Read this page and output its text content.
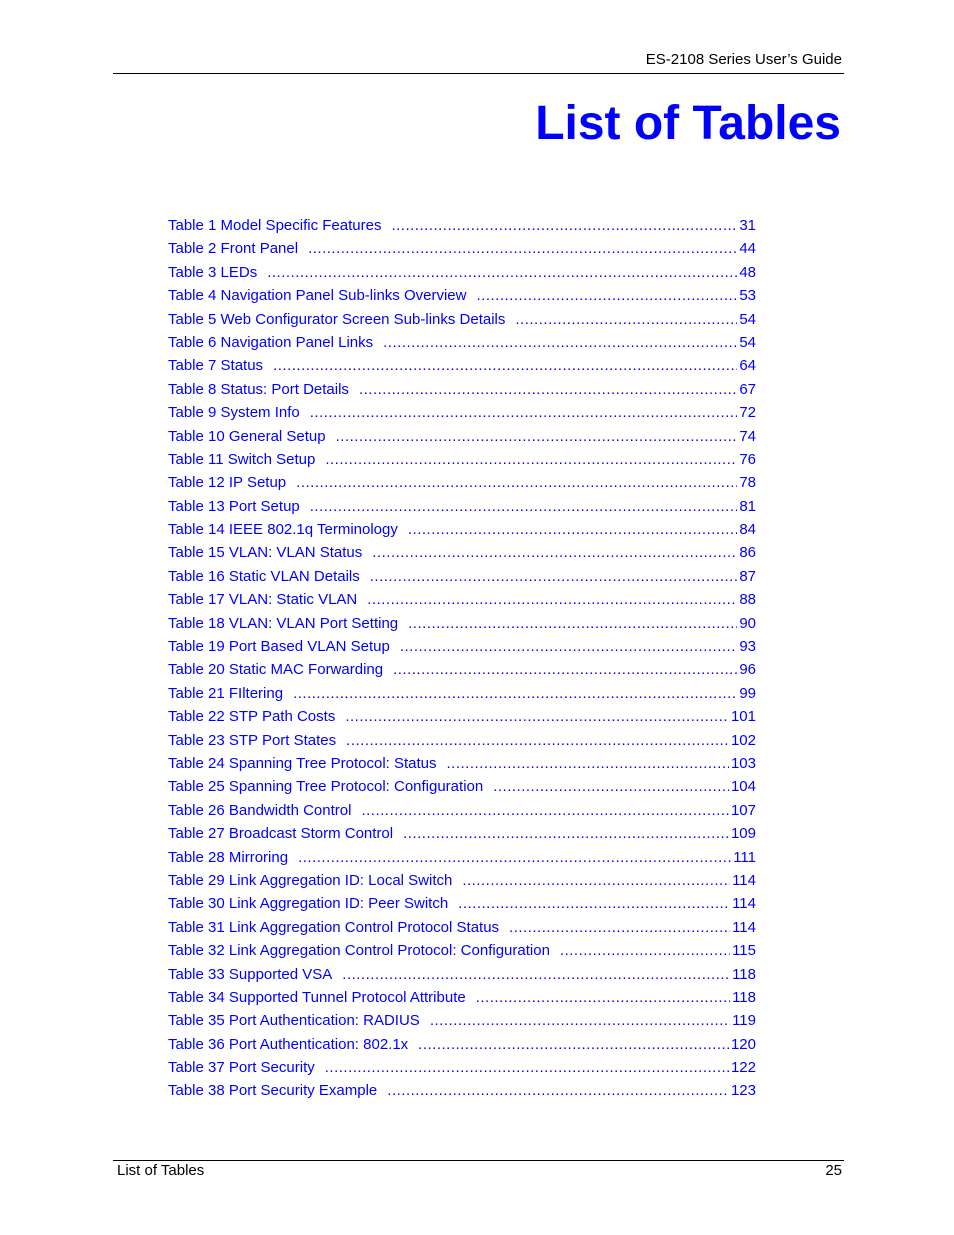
ES-2108 Series User’s Guide
List of Tables
Table 1 Model Specific Features .....	31
Table 2 Front Panel .....	44
Table 3 LEDs .....	48
Table 4 Navigation Panel Sub-links Overview .....	53
Table 5 Web Configurator Screen Sub-links Details .....	54
Table 6 Navigation Panel Links .....	54
Table 7 Status .....	64
Table 8 Status: Port Details .....	67
Table 9 System Info .....	72
Table 10 General Setup .....	74
Table 11 Switch Setup .....	76
Table 12 IP Setup .....	78
Table 13 Port Setup .....	81
Table 14 IEEE 802.1q Terminology .....	84
Table 15 VLAN: VLAN Status .....	86
Table 16 Static VLAN Details .....	87
Table 17 VLAN: Static VLAN .....	88
Table 18 VLAN: VLAN Port Setting .....	90
Table 19 Port Based VLAN Setup .....	93
Table 20 Static MAC Forwarding .....	96
Table 21 FIltering .....	99
Table 22 STP Path Costs .....	101
Table 23 STP Port States .....	102
Table 24 Spanning Tree Protocol: Status .....	103
Table 25 Spanning Tree Protocol: Configuration .....	104
Table 26 Bandwidth Control .....	107
Table 27 Broadcast Storm Control .....	109
Table 28 Mirroring .....	111
Table 29 Link Aggregation ID: Local Switch .....	114
Table 30 Link Aggregation ID: Peer Switch .....	114
Table 31 Link Aggregation Control Protocol Status .....	114
Table 32 Link Aggregation Control Protocol: Configuration .....	115
Table 33 Supported VSA .....	118
Table 34 Supported Tunnel Protocol Attribute .....	118
Table 35 Port Authentication: RADIUS .....	119
Table 36 Port Authentication: 802.1x .....	120
Table 37 Port Security .....	122
Table 38 Port Security Example .....	123
List of Tables	25
